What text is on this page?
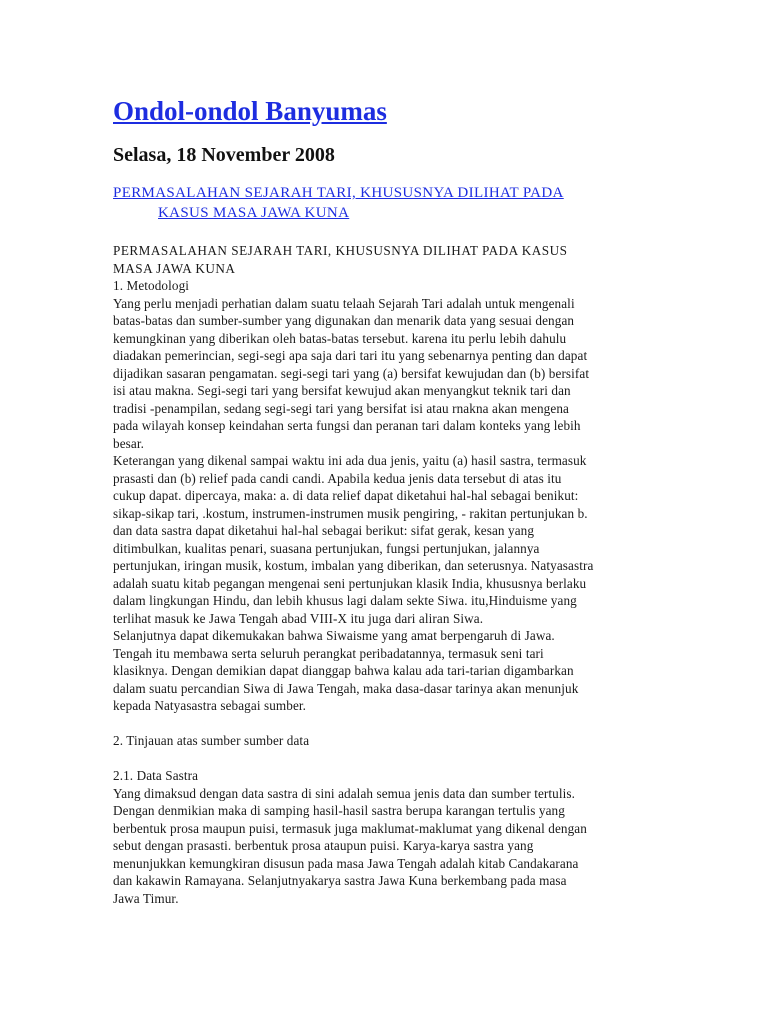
Ondol-ondol Banyumas
Selasa, 18 November 2008
PERMASALAHAN SEJARAH TARI, KHUSUSNYA DILIHAT PADA
KASUS MASA JAWA KUNA
PERMASALAHAN SEJARAH TARI, KHUSUSNYA DILIHAT PADA KASUS
MASA JAWA KUNA
1. Metodologi
Yang perlu menjadi perhatian dalam suatu telaah Sejarah Tari adalah untuk mengenali
batas-batas dan sumber-sumber yang digunakan dan menarik data yang sesuai dengan
kemungkinan yang diberikan oleh batas-batas tersebut. karena itu perlu lebih dahulu
diadakan pemerincian, segi-segi apa saja dari tari itu yang sebenarnya penting dan dapat
dijadikan sasaran pengamatan. segi-segi tari yang (a) bersifat kewujudan dan (b) bersifat
isi atau makna. Segi-segi tari yang bersifat kewujud akan menyangkut teknik tari dan
tradisi -penampilan, sedang segi-segi tari yang bersifat isi atau rnakna akan mengena
pada wilayah konsep keindahan serta fungsi dan peranan tari dalam konteks yang lebih
besar.
Keterangan yang dikenal sampai waktu ini ada dua jenis, yaitu (a) hasil sastra, termasuk
prasasti dan (b) relief pada candi candi. Apabila kedua jenis data tersebut di atas itu
cukup dapat. dipercaya, maka: a. di data relief dapat diketahui hal-hal sebagai benikut:
sikap-sikap tari, .kostum, instrumen-instrumen musik pengiring, - rakitan pertunjukan b.
dan data sastra dapat diketahui hal-hal sebagai berikut: sifat gerak, kesan yang
ditimbulkan, kualitas penari, suasana pertunjukan, fungsi pertunjukan, jalannya
pertunjukan, iringan musik, kostum, imbalan yang diberikan, dan seterusnya. Natyasastra
adalah suatu kitab pegangan mengenai seni pertunjukan klasik India, khususnya berlaku
dalam lingkungan Hindu, dan lebih khusus lagi dalam sekte Siwa. itu,Hinduisme yang
terlihat masuk ke Jawa Tengah abad VIII-X itu juga dari aliran Siwa.
Selanjutnya dapat dikemukakan bahwa Siwaisme yang amat berpengaruh di Jawa.
Tengah itu membawa serta seluruh perangkat peribadatannya, termasuk seni tari
klasiknya. Dengan demikian dapat dianggap bahwa kalau ada tari-tarian digambarkan
dalam suatu percandian Siwa di Jawa Tengah, maka dasa-dasar tarinya akan menunjuk
kepada Natyasastra sebagai sumber.
2. Tinjauan atas sumber sumber data
2.1. Data Sastra
Yang dimaksud dengan data sastra di sini adalah semua jenis data dan sumber tertulis.
Dengan denmikian maka di samping hasil-hasil sastra berupa karangan tertulis yang
berbentuk prosa maupun puisi, termasuk juga maklumat-maklumat yang dikenal dengan
sebut dengan prasasti. berbentuk prosa ataupun puisi. Karya-karya sastra yang
menunjukkan kemungkiran disusun pada masa Jawa Tengah adalah kitab Candakarana
dan kakawin Ramayana. Selanjutnyakarya sastra Jawa Kuna berkembang pada masa
Jawa Timur.
